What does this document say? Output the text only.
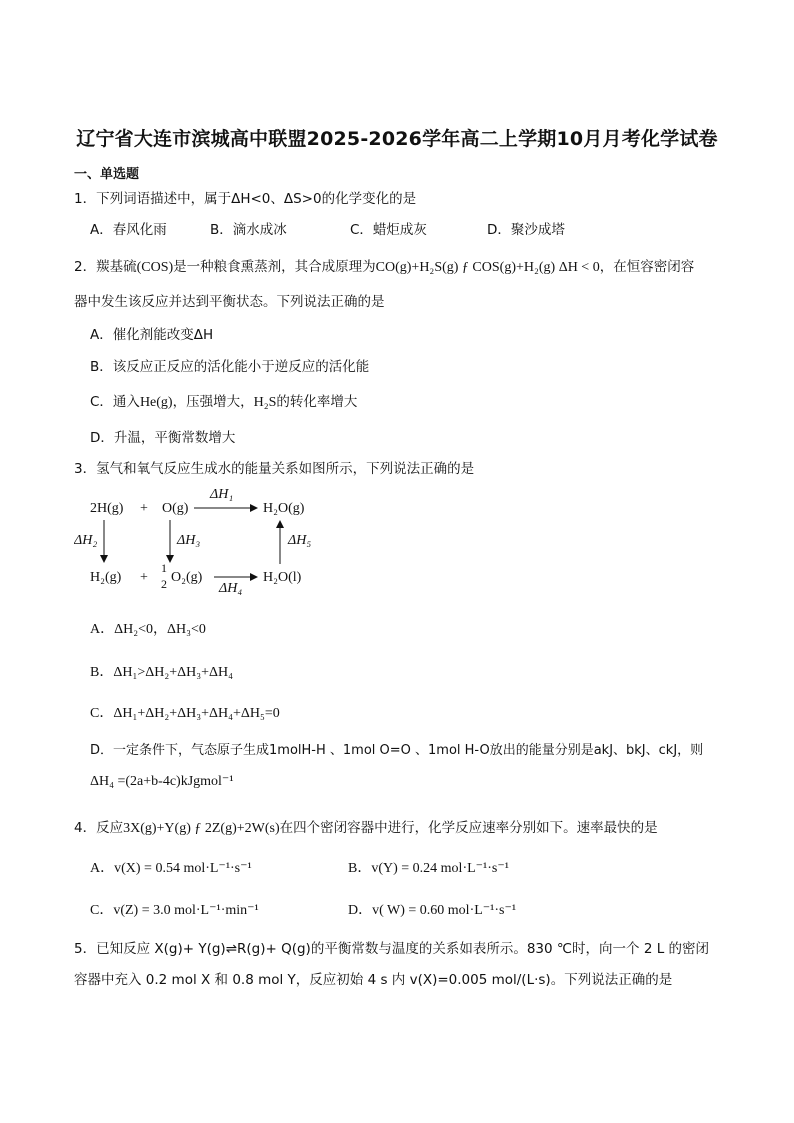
辽宁省大连市滨城高中联盟2025-2026学年高二上学期10月月考化学试卷
一、单选题
1．下列词语描述中，属于ΔH<0、ΔS>0的化学变化的是
A．春风化雨	B．滴水成冰	C．蜡炬成灰	D．聚沙成塔
2．羰基硫(COS)是一种粮食熏蒸剂，其合成原理为CO(g)+H₂S(g) ƒ COS(g)+H₂(g) ΔH < 0，在恒容密闭容
器中发生该反应并达到平衡状态。下列说法正确的是
A．催化剂能改变ΔH
B．该反应正反应的活化能小于逆反应的活化能
C．通入He(g)，压强增大，H₂S的转化率增大
D．升温，平衡常数增大
3．氢气和氧气反应生成水的能量关系如图所示，下列说法正确的是
2H(g) + O(g)	H₂O(g)
H₂(g) +
1
2 O₂(g)	H₂O(l)
ΔH₁
ΔH₂	ΔH₃
ΔH₄
ΔH₅
A．ΔH₂<0，ΔH₃<0
B．ΔH₁>ΔH₂+ΔH₃+ΔH₄
C．ΔH₁+ΔH₂+ΔH₃+ΔH₄+ΔH₅=0
D．一定条件下，气态原子生成1molH-H 、1mol O=O 、1mol H-O放出的能量分别是akJ、bkJ、ckJ，则
ΔH₄ =(2a+b-4c)kJgmol⁻¹
4．反应3X(g)+Y(g) ƒ 2Z(g)+2W(s)在四个密闭容器中进行，化学反应速率分别如下。速率最快的是
A．v(X) = 0.54 mol·L⁻¹·s⁻¹	B．v(Y) = 0.24 mol·L⁻¹·s⁻¹
C．v(Z) = 3.0 mol·L⁻¹·min⁻¹	D．v( W) = 0.60 mol·L⁻¹·s⁻¹
5．已知反应 X(g)+ Y(g)⇌R(g)+ Q(g)的平衡常数与温度的关系如表所示。830 ℃时，向一个 2 L 的密闭
容器中充入 0.2 mol X 和 0.8 mol Y，反应初始 4 s 内 v(X)=0.005 mol/(L·s)。下列说法正确的是
